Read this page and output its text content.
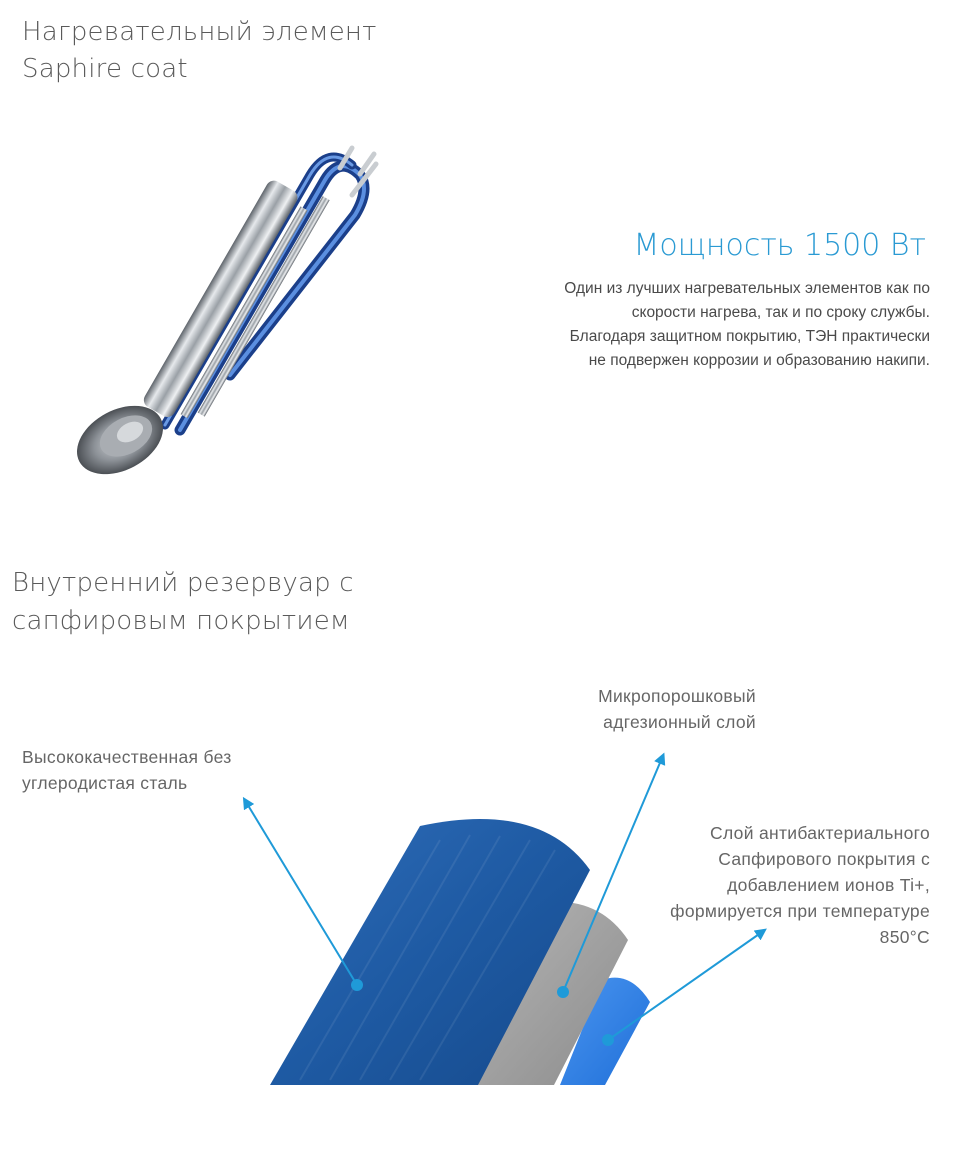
Нагревательный элемент
Saphire coat
Мощность 1500 Вт
Один из лучших нагревательных элементов как по
скорости нагрева, так и по сроку службы.
Благодаря защитном покрытию, ТЭН практически
не подвержен коррозии и образованию накипи.
Внутренний резервуар с
сапфировым покрытием
Высококачественная без
углеродистая сталь
Микропорошковый
адгезионный слой
Слой антибактериального
Сапфирового покрытия с
добавлением ионов Ti+,
формируется при температуре
850°C
